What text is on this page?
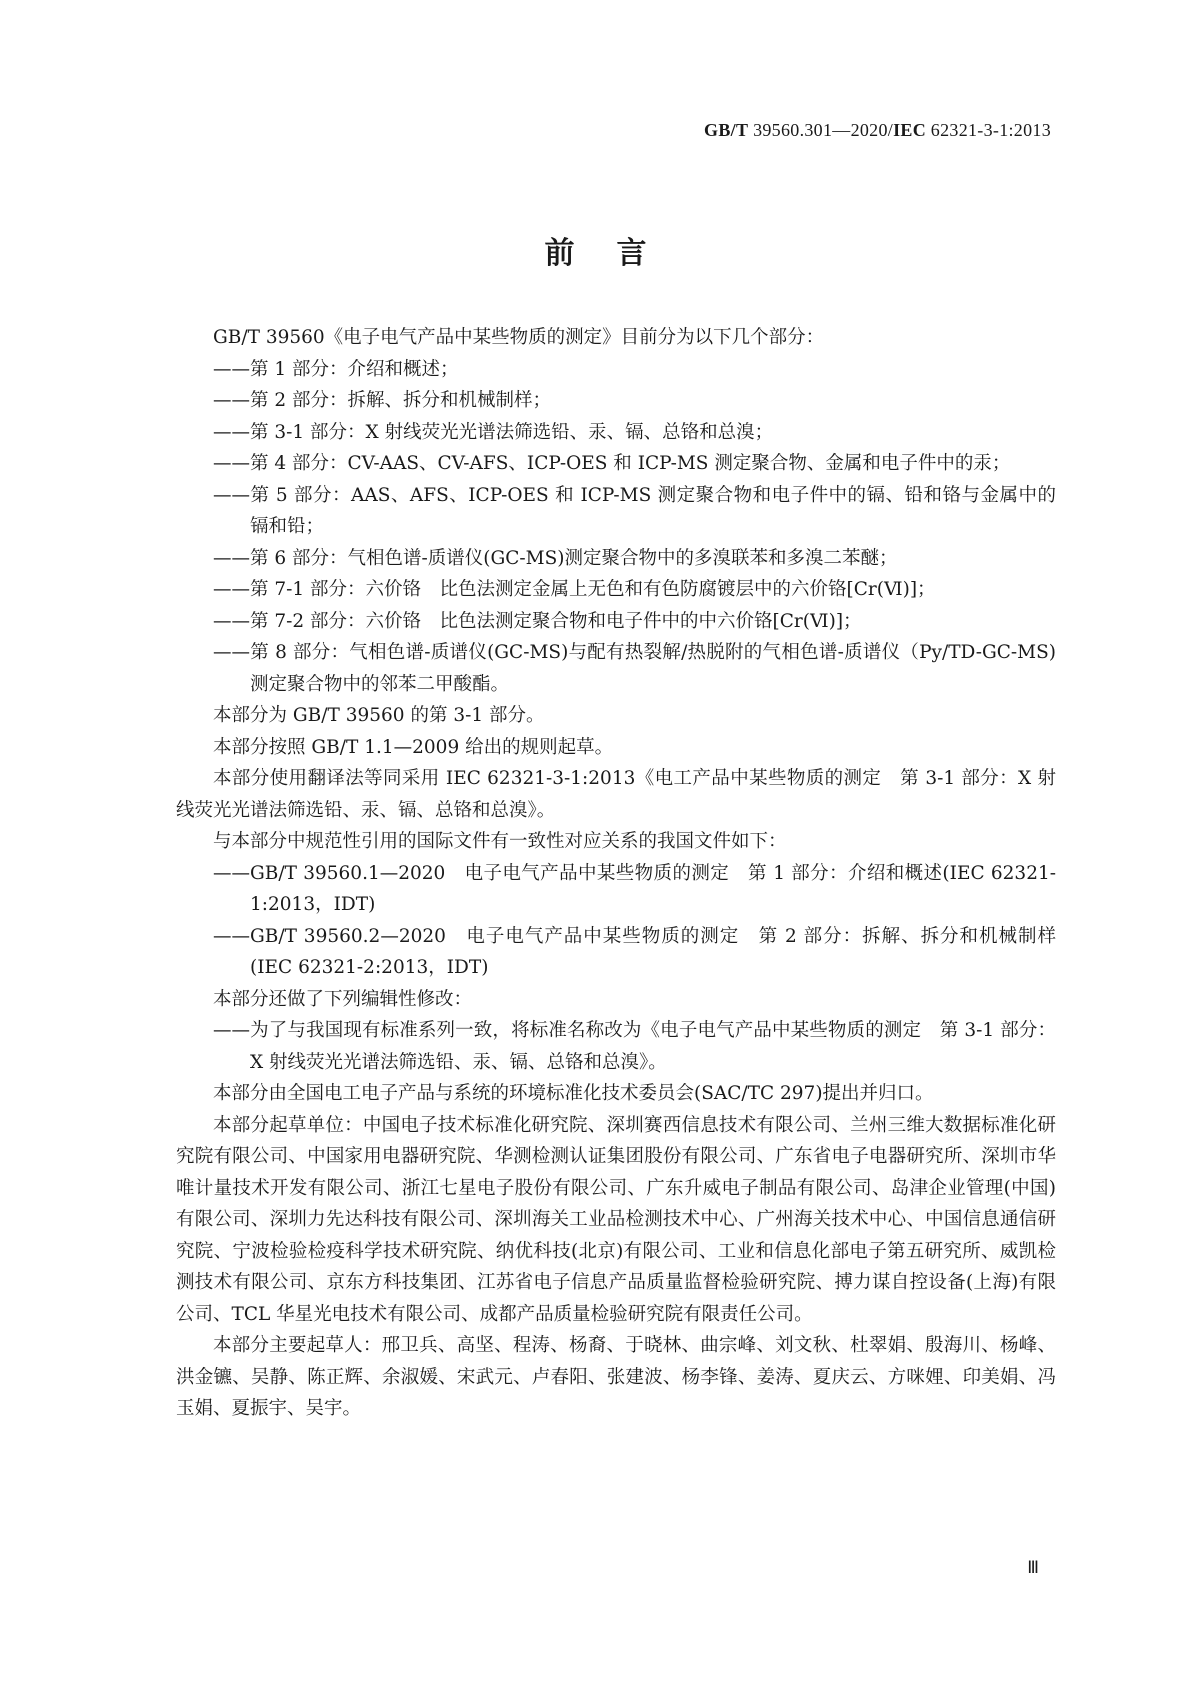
GB/T 39560.301—2020/IEC 62321-3-1:2013
前言

GB/T 39560《电子电气产品中某些物质的测定》目前分为以下几个部分：

——第 1 部分：介绍和概述；

——第 2 部分：拆解、拆分和机械制样；

——第 3-1 部分：X 射线荧光光谱法筛选铅、汞、镉、总铬和总溴；

——第 4 部分：CV-AAS、CV-AFS、ICP-OES 和 ICP-MS 测定聚合物、金属和电子件中的汞；

——第 5 部分：AAS、AFS、ICP-OES 和 ICP-MS 测定聚合物和电子件中的镉、铅和铬与金属中的镉和铅；

——第 6 部分：气相色谱-质谱仪(GC-MS)测定聚合物中的多溴联苯和多溴二苯醚；

——第 7-1 部分：六价铬　比色法测定金属上无色和有色防腐镀层中的六价铬[Cr(Ⅵ)]；

——第 7-2 部分：六价铬　比色法测定聚合物和电子件中的中六价铬[Cr(Ⅵ)]；

——第 8 部分：气相色谱-质谱仪(GC-MS)与配有热裂解/热脱附的气相色谱-质谱仪（Py/TD-GC-MS)测定聚合物中的邻苯二甲酸酯。

本部分为 GB/T 39560 的第 3-1 部分。

本部分按照 GB/T 1.1—2009 给出的规则起草。

本部分使用翻译法等同采用 IEC 62321-3-1:2013《电工产品中某些物质的测定　第 3-1 部分：X 射线荧光光谱法筛选铅、汞、镉、总铬和总溴》。

与本部分中规范性引用的国际文件有一致性对应关系的我国文件如下：

——GB/T 39560.1—2020　电子电气产品中某些物质的测定　第 1 部分：介绍和概述(IEC 62321-1:2013，IDT)

——GB/T 39560.2—2020　电子电气产品中某些物质的测定　第 2 部分：拆解、拆分和机械制样(IEC 62321-2:2013，IDT)

本部分还做了下列编辑性修改：

——为了与我国现有标准系列一致，将标准名称改为《电子电气产品中某些物质的测定　第 3-1 部分：X 射线荧光光谱法筛选铅、汞、镉、总铬和总溴》。

本部分由全国电工电子产品与系统的环境标准化技术委员会(SAC/TC 297)提出并归口。

本部分起草单位：中国电子技术标准化研究院、深圳赛西信息技术有限公司、兰州三维大数据标准化研究院有限公司、中国家用电器研究院、华测检测认证集团股份有限公司、广东省电子电器研究所、深圳市华唯计量技术开发有限公司、浙江七星电子股份有限公司、广东升威电子制品有限公司、岛津企业管理(中国)有限公司、深圳力先达科技有限公司、深圳海关工业品检测技术中心、广州海关技术中心、中国信息通信研究院、宁波检验检疫科学技术研究院、纳优科技(北京)有限公司、工业和信息化部电子第五研究所、威凯检测技术有限公司、京东方科技集团、江苏省电子信息产品质量监督检验研究院、搏力谋自控设备(上海)有限公司、TCL 华星光电技术有限公司、成都产品质量检验研究院有限责任公司。

本部分主要起草人：邢卫兵、高坚、程涛、杨裔、于晓林、曲宗峰、刘文秋、杜翠娟、殷海川、杨峰、洪金镳、吴静、陈正辉、余淑媛、宋武元、卢春阳、张建波、杨李锋、姜涛、夏庆云、方咪娌、印美娟、冯玉娟、夏振宇、吴宇。

Ⅲ
